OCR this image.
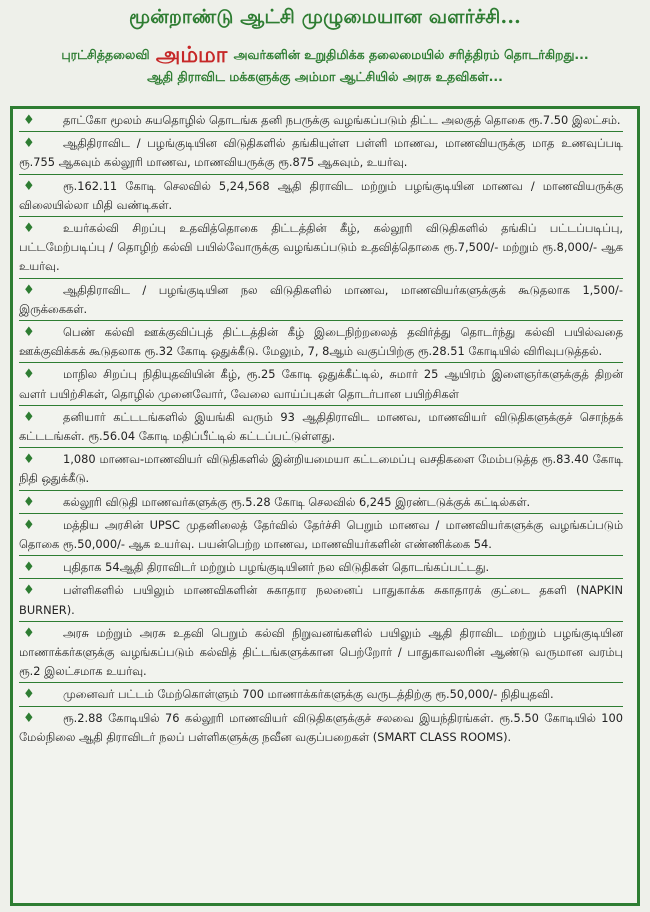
மூன்றாண்டு ஆட்சி முழுமையான வளர்ச்சி...
புரட்சித்தலைவி அம்மா அவர்களின் உறுதிமிக்க தலைமையில் சரித்திரம் தொடர்கிறது...
ஆதி திராவிட மக்களுக்கு அம்மா ஆட்சியில் அரசு உதவிகள்...
♦ தாட்கோ மூலம் சுயதொழில் தொடங்க தனி நபருக்கு வழங்கப்படும் திட்ட அலகுத் தொகை ரூ.7.50 இலட்சம்.
♦ ஆதிதிராவிட / பழங்குடியின விடுதிகளில் தங்கியுள்ள பள்ளி மாணவ, மாணவியருக்கு மாத உணவுப்படி ரூ.755 ஆகவும் கல்லூரி மாணவ, மாணவியருக்கு ரூ.875 ஆகவும், உயர்வு.
♦ ரூ.162.11 கோடி செலவில் 5,24,568 ஆதி திராவிட மற்றும் பழங்குடியின மாணவ / மாணவியருக்கு விலையில்லா மிதி வண்டிகள்.
♦ உயர்கல்வி சிறப்பு உதவித்தொகை திட்டத்தின் கீழ், கல்லூரி விடுதிகளில் தங்கிப் பட்டப்படிப்பு, பட்டமேற்படிப்பு / தொழிற் கல்வி பயில்வோருக்கு வழங்கப்படும் உதவித்தொகை ரூ.7,500/- மற்றும் ரூ.8,000/- ஆக உயர்வு.
♦ ஆதிதிராவிட / பழங்குடியின நல விடுதிகளில் மாணவ, மாணவியர்களுக்குக் கூடுதலாக 1,500/- இருக்கைகள்.
♦ பெண் கல்வி ஊக்குவிப்புத் திட்டத்தின் கீழ் இடைநிற்றலைத் தவிர்த்து தொடர்ந்து கல்வி பயில்வதை ஊக்குவிக்கக் கூடுதலாக ரூ.32 கோடி ஒதுக்கீடு. மேலும், 7, 8ஆம் வகுப்பிற்கு ரூ.28.51 கோடியில் விரிவுபடுத்தல்.
♦ மாநில சிறப்பு நிதியுதவியின் கீழ், ரூ.25 கோடி ஒதுக்கீட்டில், சுமார் 25 ஆயிரம் இளைஞர்களுக்குத் திறன் வளர் பயிற்சிகள், தொழில் முனைவோர், வேலை வாய்ப்புகள் தொடர்பான பயிற்சிகள்
♦ தனியார் கட்டடங்களில் இயங்கி வரும் 93 ஆதிதிராவிட மாணவ, மாணவியர் விடுதிகளுக்குச் சொந்தக் கட்டடங்கள். ரூ.56.04 கோடி மதிப்பீட்டில் கட்டப்பட்டுள்ளது.
♦ 1,080 மாணவ-மாணவியர் விடுதிகளில் இன்றியமையா கட்டமைப்பு வசதிகளை மேம்படுத்த ரூ.83.40 கோடி நிதி ஒதுக்கீடு.
♦ கல்லூரி விடுதி மாணவர்களுக்கு ரூ.5.28 கோடி செலவில் 6,245 இரண்டடுக்குக் கட்டில்கள்.
♦ மத்திய அரசின் UPSC முதனிலைத் தேர்வில் தேர்ச்சி பெறும் மாணவ / மாணவியர்களுக்கு வழங்கப்படும் தொகை ரூ.50,000/- ஆக உயர்வு. பயன்பெற்ற மாணவ, மாணவியர்களின் எண்ணிக்கை 54.
♦ புதிதாக 54ஆதி திராவிடர் மற்றும் பழங்குடியினர் நல விடுதிகள் தொடங்கப்பட்டது.
♦ பள்ளிகளில் பயிலும் மாணவிகளின் சுகாதார நலனைப் பாதுகாக்க சுகாதாரக் குட்டை தகளி (NAPKIN BURNER).
♦ அரசு மற்றும் அரசு உதவி பெறும் கல்வி நிறுவனங்களில் பயிலும் ஆதி திராவிட மற்றும் பழங்குடியின மாணாக்கர்களுக்கு வழங்கப்படும் கல்வித் திட்டங்களுக்கான பெற்றோர் / பாதுகாவலரின் ஆண்டு வருமான வரம்பு ரூ.2 இலட்சமாக உயர்வு.
♦ முனைவர் பட்டம் மேற்கொள்ளும் 700 மாணாக்கர்களுக்கு வருடத்திற்கு ரூ.50,000/- நிதியுதவி.
♦ ரூ.2.88 கோடியில் 76 கல்லூரி மாணவியர் விடுதிகளுக்குச் சலவை இயந்திரங்கள். ரூ.5.50 கோடியில் 100 மேல்நிலை ஆதி திராவிடர் நலப் பள்ளிகளுக்கு நவீன வகுப்பறைகள் (SMART CLASS ROOMS).
